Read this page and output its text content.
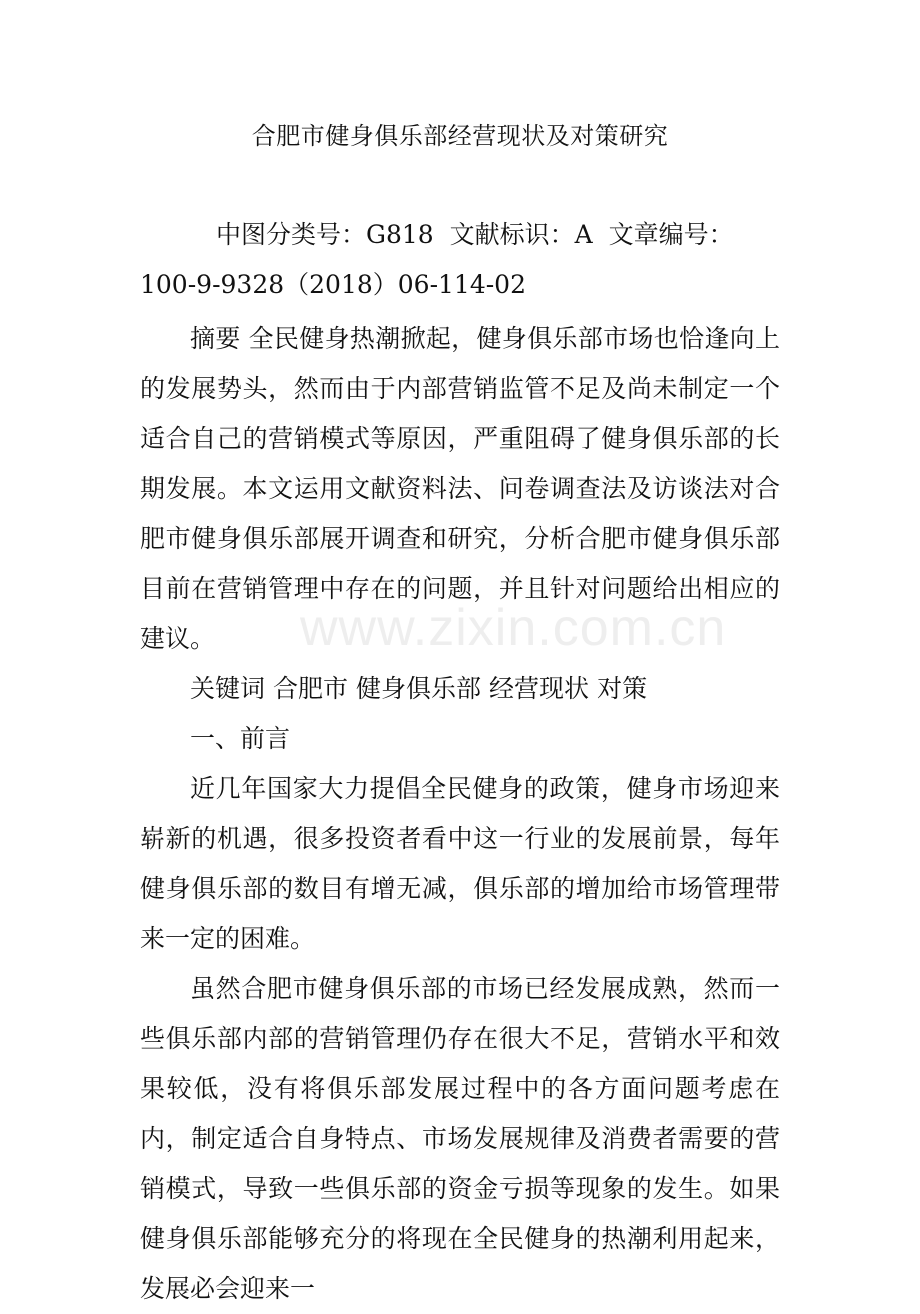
合肥市健身俱乐部经营现状及对策研究

中图分类号：G818 文献标识：A 文章编号：100-9-9328（2018）06-114-02

摘要 全民健身热潮掀起，健身俱乐部市场也恰逢向上的发展势头，然而由于内部营销监管不足及尚未制定一个适合自己的营销模式等原因，严重阻碍了健身俱乐部的长期发展。本文运用文献资料法、问卷调查法及访谈法对合肥市健身俱乐部展开调查和研究，分析合肥市健身俱乐部目前在营销管理中存在的问题，并且针对问题给出相应的建议。

关键词 合肥市 健身俱乐部 经营现状 对策

一、前言

近几年国家大力提倡全民健身的政策，健身市场迎来崭新的机遇，很多投资者看中这一行业的发展前景，每年健身俱乐部的数目有增无减，俱乐部的增加给市场管理带来一定的困难。

虽然合肥市健身俱乐部的市场已经发展成熟，然而一些俱乐部内部的营销管理仍存在很大不足，营销水平和效果较低，没有将俱乐部发展过程中的各方面问题考虑在内，制定适合自身特点、市场发展规律及消费者需要的营销模式，导致一些俱乐部的资金亏损等现象的发生。如果健身俱乐部能够充分的将现在全民健身的热潮利用起来，发展必会迎来一

www.zixin.com.cn
